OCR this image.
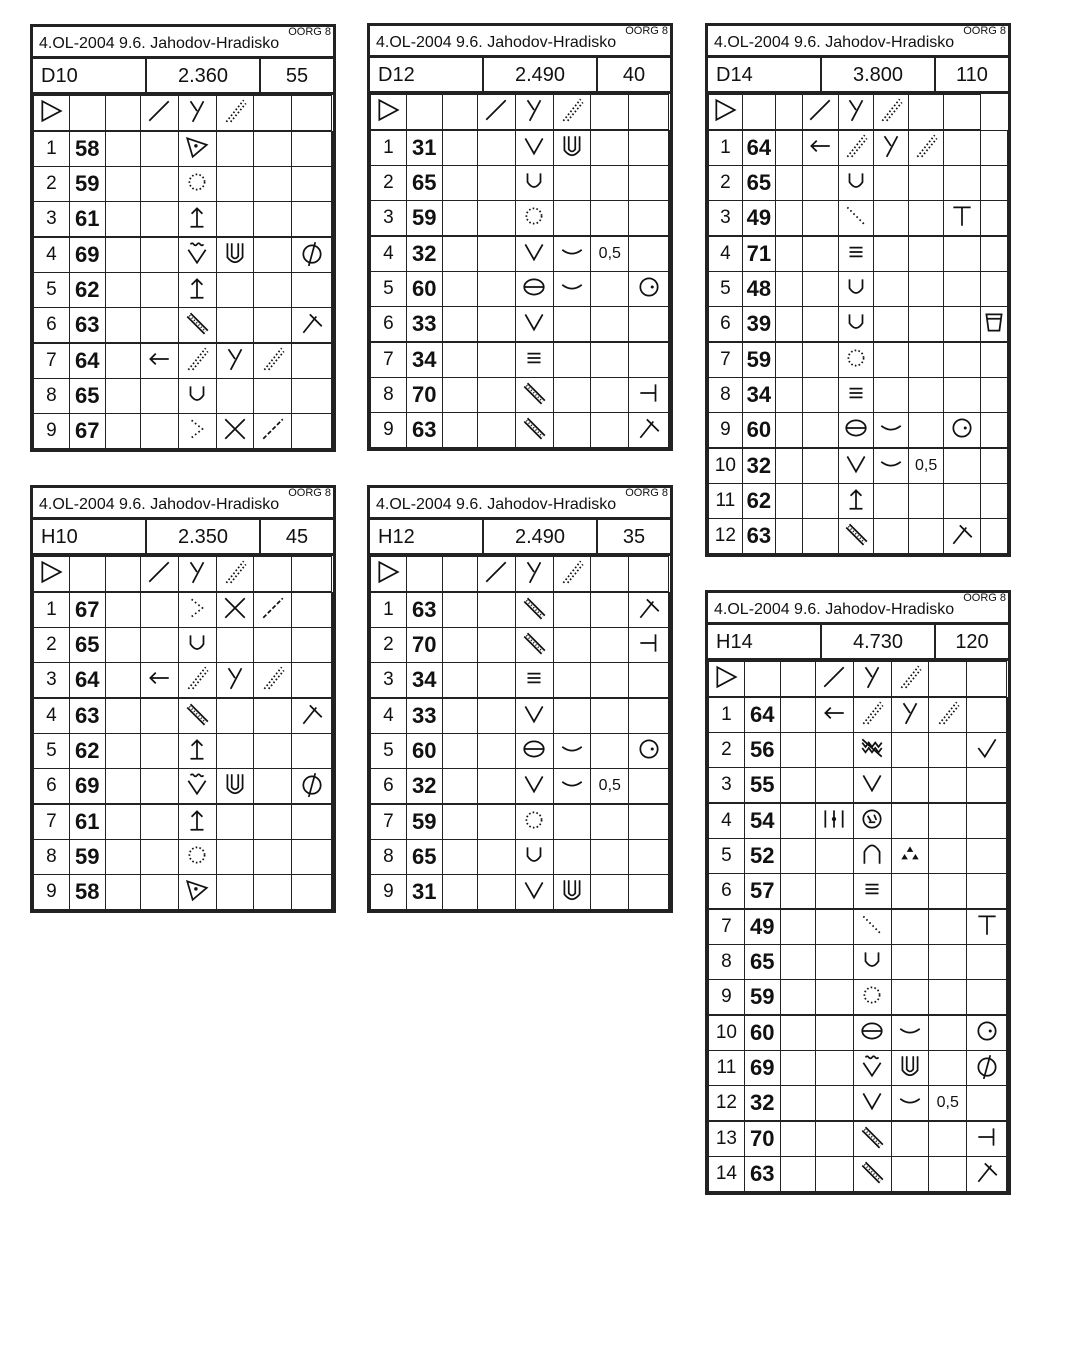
4.OL-2004 9.6. Jahodov-Hradisko
OORG 8
D10	2.360	55

1	58							
2	59							
3	61							
4	69							
5	62							
6	63							
7	64							
8	65							
9	67							
4.OL-2004 9.6. Jahodov-Hradisko
OORG 8
D12	2.490	40

1	31							
2	65							
3	59							
4	32					0,5		
5	60							
6	33							
7	34							
8	70							
9	63							
4.OL-2004 9.6. Jahodov-Hradisko
OORG 8
D14	3.800	110

1	64							
2	65							
3	49							
4	71							
5	48							
6	39							
7	59							
8	34							
9	60							
10	32					0,5		
11	62							
12	63							
4.OL-2004 9.6. Jahodov-Hradisko
OORG 8
H10	2.350	45

1	67							
2	65							
3	64							
4	63							
5	62							
6	69							
7	61							
8	59							
9	58							
4.OL-2004 9.6. Jahodov-Hradisko
OORG 8
H12	2.490	35

1	63							
2	70							
3	34							
4	33							
5	60							
6	32					0,5		
7	59							
8	65							
9	31							
4.OL-2004 9.6. Jahodov-Hradisko
OORG 8
H14	4.730	120

1	64							
2	56							
3	55							
4	54							
5	52							
6	57							
7	49							
8	65							
9	59							
10	60							
11	69							
12	32					0,5		
13	70							
14	63							
